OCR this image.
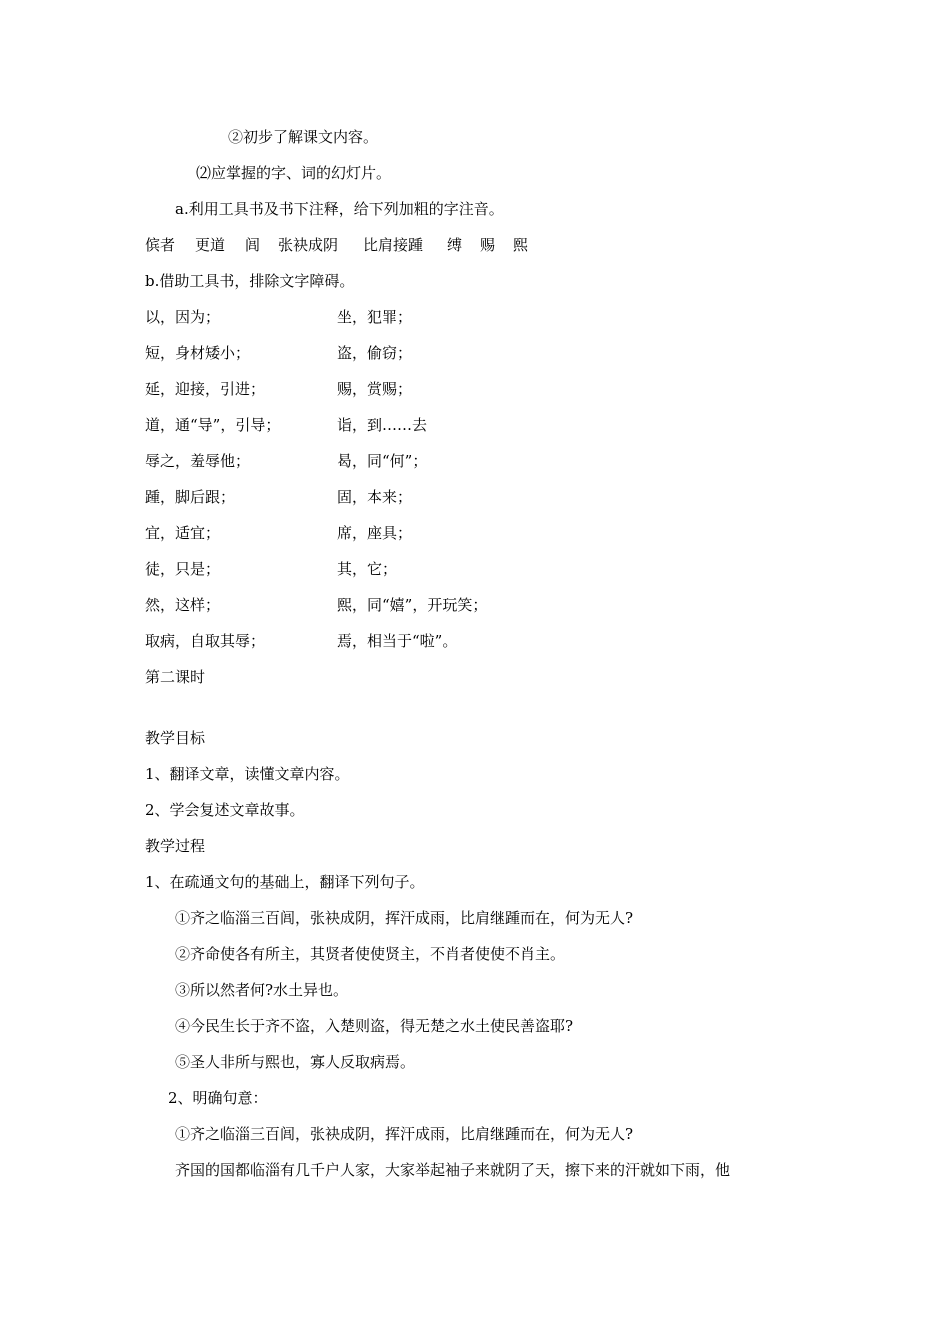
②初步了解课文内容。

⑵应掌握的字、词的幻灯片。

a.利用工具书及书下注释，给下列加粗的字注音。

傧者 更道 闾 张袂成阴 比肩接踵 缚 赐 熙

b.借助工具书，排除文字障碍。

以，因为；	坐，犯罪；
短，身材矮小；	盗，偷窃；
延，迎接，引进；	赐，赏赐；
道，通“导”，引导；	诣，到……去
辱之，羞辱他；	曷，同“何”；
踵，脚后跟；	固，本来；
宜，适宜；	席，座具；
徒，只是；	其，它；
然，这样；	熙，同“嬉”，开玩笑；
取病，自取其辱；	焉，相当于“啦”。

第二课时

教学目标

1、翻译文章，读懂文章内容。

2、学会复述文章故事。

教学过程

1、在疏通文句的基础上，翻译下列句子。

①齐之临淄三百闾，张袂成阴，挥汗成雨，比肩继踵而在，何为无人?

②齐命使各有所主，其贤者使使贤主，不肖者使使不肖主。

③所以然者何?水土异也。

④今民生长于齐不盗，入楚则盗，得无楚之水土使民善盗耶?

⑤圣人非所与熙也，寡人反取病焉。

2、明确句意：

①齐之临淄三百闾，张袂成阴，挥汗成雨，比肩继踵而在，何为无人?

齐国的国都临淄有几千户人家，大家举起袖子来就阴了天，擦下来的汗就如下雨，他
